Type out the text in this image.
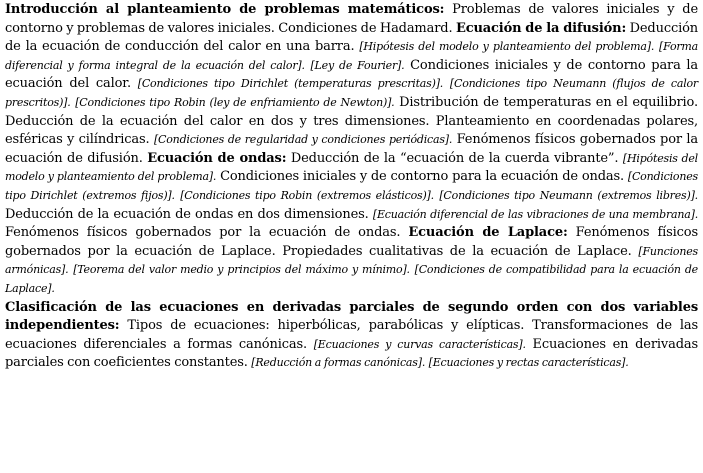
Introducción al planteamiento de problemas matemáticos: Problemas de valores iniciales y de contorno y problemas de valores iniciales. Condiciones de Hadamard. Ecuación de la difusión: Deducción de la ecuación de conducción del calor en una barra. [Hipótesis del modelo y planteamiento del problema]. [Forma diferencial y forma integral de la ecuación del calor]. [Ley de Fourier]. Condiciones iniciales y de contorno para la ecuación del calor. [Condiciones tipo Dirichlet (temperaturas prescritas)]. [Condiciones tipo Neumann (flujos de calor prescritos)]. [Condiciones tipo Robin (ley de enfriamiento de Newton)]. Distribución de temperaturas en el equilibrio. Deducción de la ecuación del calor en dos y tres dimensiones. Planteamiento en coordenadas polares, esféricas y cilíndricas. [Condiciones de regularidad y condiciones periódicas]. Fenómenos físicos gobernados por la ecuación de difusión. Ecuación de ondas: Deducción de la “ecuación de la cuerda vibrante”. [Hipótesis del modelo y planteamiento del problema]. Condiciones iniciales y de contorno para la ecuación de ondas. [Condiciones tipo Dirichlet (extremos fijos)]. [Condiciones tipo Robin (extremos elásticos)]. [Condiciones tipo Neumann (extremos libres)]. Deducción de la ecuación de ondas en dos dimensiones. [Ecuación diferencial de las vibraciones de una membrana]. Fenómenos físicos gobernados por la ecuación de ondas. Ecuación de Laplace: Fenómenos físicos gobernados por la ecuación de Laplace. Propiedades cualitativas de la ecuación de Laplace. [Funciones armónicas]. [Teorema del valor medio y principios del máximo y mínimo]. [Condiciones de compatibilidad para la ecuación de Laplace].

Clasificación de las ecuaciones en derivadas parciales de segundo orden con dos variables independientes: Tipos de ecuaciones: hiperbólicas, parabólicas y elípticas. Transformaciones de las ecuaciones diferenciales a formas canónicas. [Ecuaciones y curvas características]. Ecuaciones en derivadas parciales con coeficientes constantes. [Reducción a formas canónicas]. [Ecuaciones y rectas características].
